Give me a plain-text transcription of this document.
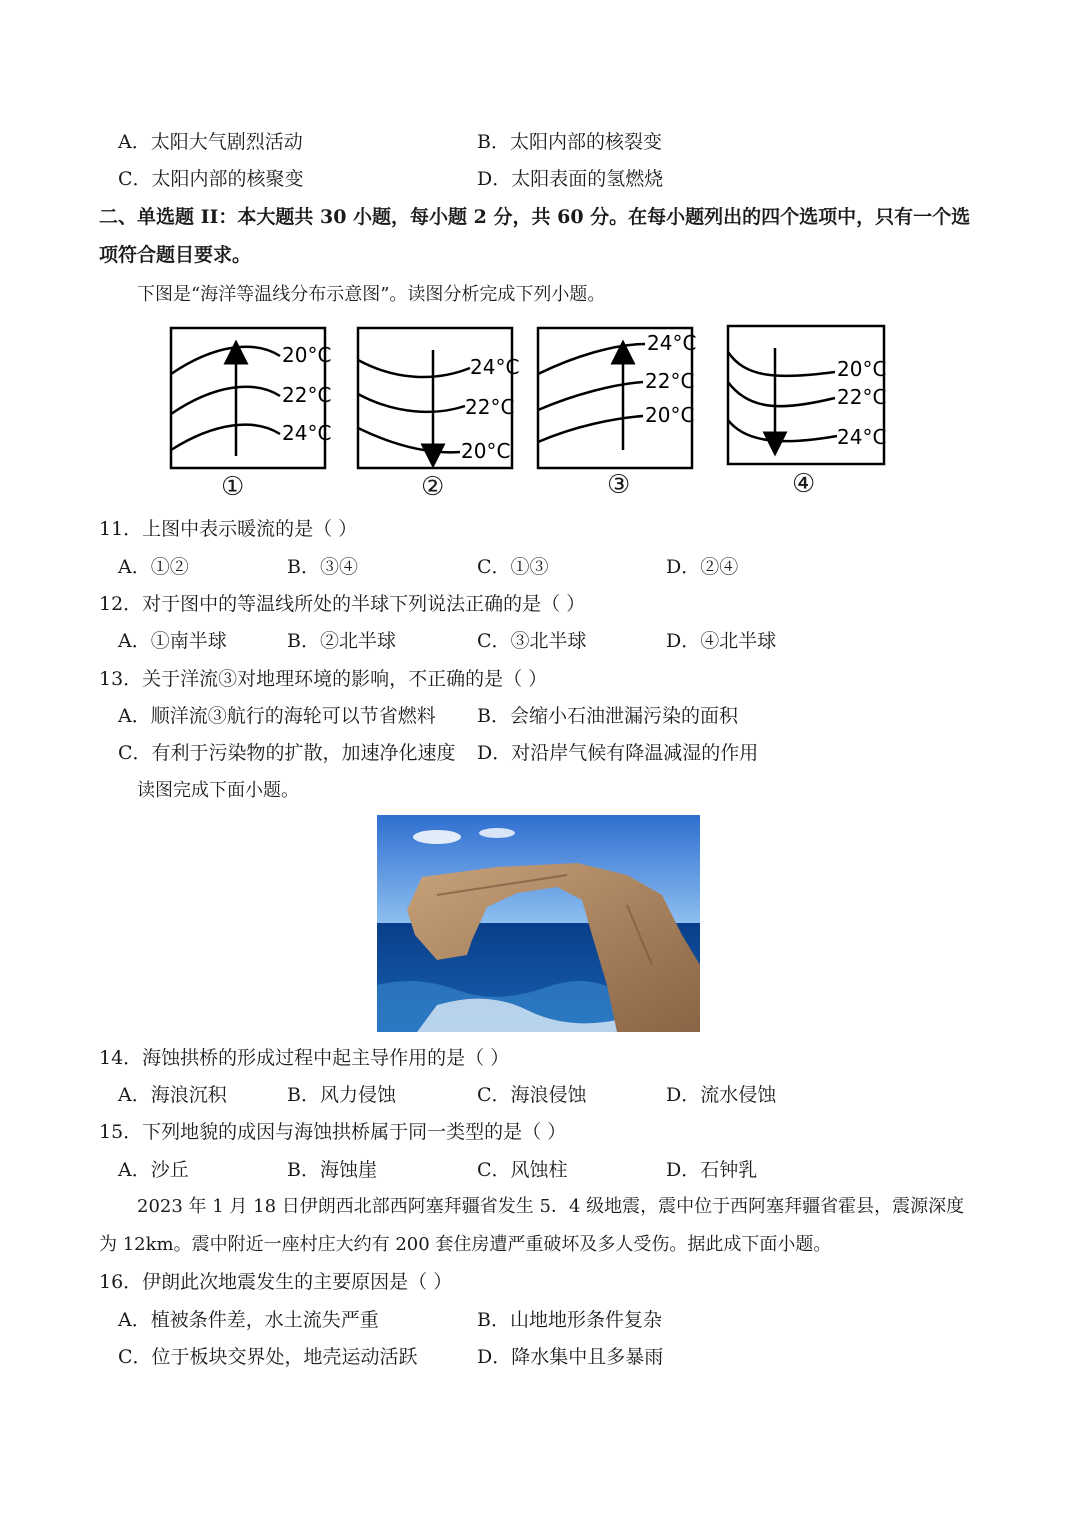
A．太阳大气剧烈活动	B．太阳内部的核裂变
C．太阳内部的核聚变	D．太阳表面的氢燃烧
二、单选题 II：本大题共 30 小题，每小题 2 分，共 60 分。在每小题列出的四个选项中，只有一个选
项符合题目要求。
下图是“海洋等温线分布示意图”。读图分析完成下列小题。
20°C
22°C
24°C
24°C
22°C
20°C
24°C
22°C
20°C
20°C
22°C
24°C
①	②	③	④
11．上图中表示暖流的是（ ）
A．①②	B．③④	C．①③	D．②④
12．对于图中的等温线所处的半球下列说法正确的是（ ）
A．①南半球	B．②北半球	C．③北半球	D．④北半球
13．关于洋流③对地理环境的影响，不正确的是（ ）
A．顺洋流③航行的海轮可以节省燃料 B．会缩小石油泄漏污染的面积
C．有利于污染物的扩散，加速净化速度 D．对沿岸气候有降温减湿的作用
读图完成下面小题。
14．海蚀拱桥的形成过程中起主导作用的是（ ）
A．海浪沉积	B．风力侵蚀	C．海浪侵蚀	D．流水侵蚀
15．下列地貌的成因与海蚀拱桥属于同一类型的是（ ）
A．沙丘	B．海蚀崖	C．风蚀柱	D．石钟乳
2023 年 1 月 18 日伊朗西北部西阿塞拜疆省发生 5．4 级地震，震中位于西阿塞拜疆省霍县，震源深度
为 12km。震中附近一座村庄大约有 200 套住房遭严重破坏及多人受伤。据此成下面小题。
16．伊朗此次地震发生的主要原因是（ ）
A．植被条件差，水土流失严重	B．山地地形条件复杂
C．位于板块交界处，地壳运动活跃	D．降水集中且多暴雨
